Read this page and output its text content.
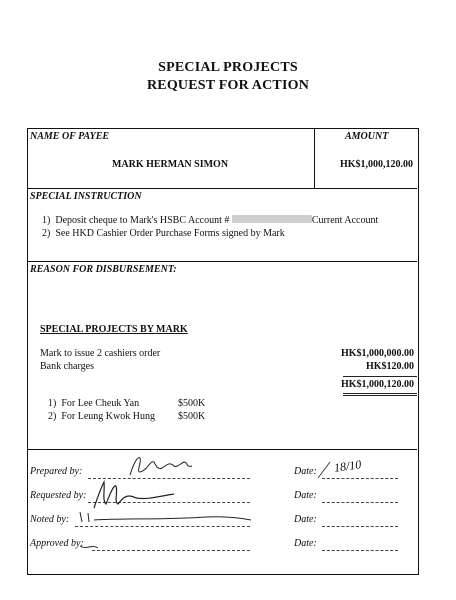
SPECIAL PROJECTS
REQUEST FOR ACTION
NAME OF PAYEE
MARK HERMAN SIMON
AMOUNT
HK$1,000,120.00
SPECIAL INSTRUCTION
1) Deposit cheque to Mark's HSBC Account #	Current Account
2) See HKD Cashier Order Purchase Forms signed by Mark
REASON FOR DISBURSEMENT:
SPECIAL PROJECTS BY MARK
Mark to issue 2 cashiers order	HK$1,000,000.00
Bank charges	HK$120.00
HK$1,000,120.00
1) For Lee Cheuk Yan	$500K
2) For Leung Kwok Hung $500K
Prepared by:	Date: 18/10
Requested by:	Date:
Noted by:	Date:
Approved by:	Date:
